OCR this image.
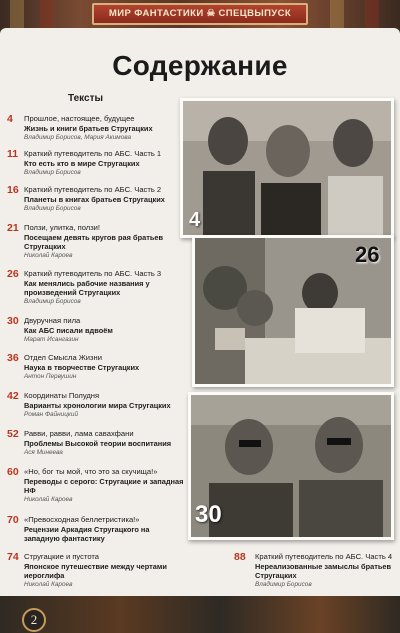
МИР ФАНТАСТИКИ ☠ СПЕЦВЫПУСК
Содержание
Тексты
4 Прошлое, настоящее, будущее
Жизнь и книги братьев Стругацких
Владимир Борисов, Мария Акимова
11 Краткий путеводитель по АБС. Часть 1
Кто есть кто в мире Стругацких
Владимир Борисов
16 Краткий путеводитель по АБС. Часть 2
Планеты в книгах братьев Стругацких
Владимир Борисов
21 Ползи, улитка, ползи!
Посещаем девять кругов рая братьев Стругацких
Николай Кароев
26 Краткий путеводитель по АБС. Часть 3
Как менялись рабочие названия у произведений Стругацких
Владимир Борисов
30 Двуручная пила
Как АБС писали вдвоём
Марат Исангазин
36 Отдел Смысла Жизни
Наука в творчестве Стругацких
Антон Первушин
42 Координаты Полудня
Варианты хронологии мира Стругацких
Роман Файницкий
52 Равви, равви, лама савахфани
Проблемы Высокой теории воспитания
Ася Минеева
60 «Но, бог ты мой, что это за скучища!»
Переводы с серого: Стругацкие и западная НФ
Николай Кароев
70 «Превосходная беллетристика!»
Рецензии Аркадия Стругацкого на западную фантастику
74 Стругацкие и пустота
Японское путешествие между чертами иероглифа
Николай Кароев
88 Краткий путеводитель по АБС. Часть 4
Нереализованные замыслы братьев Стругацких
Владимир Борисов
4
26
30
2
